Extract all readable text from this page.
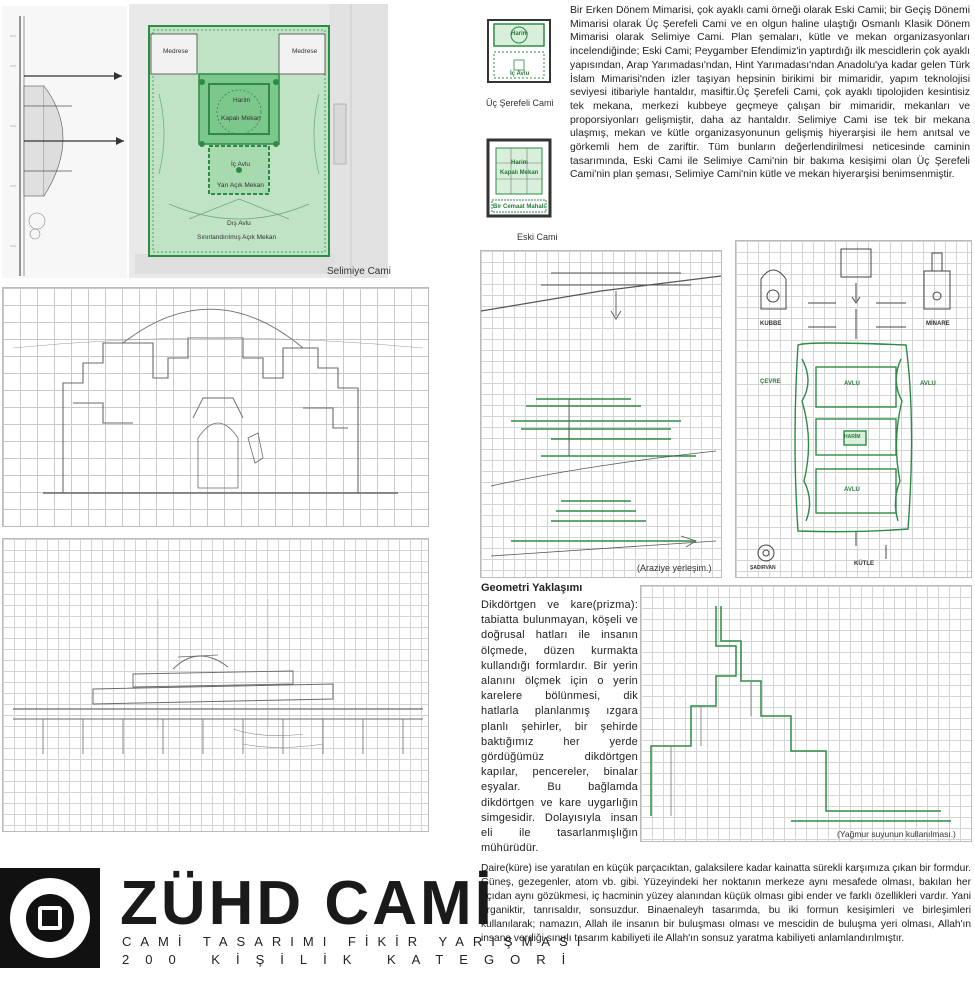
Medrese	Medrese
Harim
Kapalı Mekan
İç Avlu
Yarı Açık Mekan
Dış Avlu
Sınırlandırılmış Açık Mekan
Selimiye Cami
Harim
İç Avlu
Üç Şerefeli Cami
Harim
Kapalı Mekan
Bir Cemaat Mahali
Eski Cami

Bir Erken Dönem Mimarisi, çok ayaklı cami örneği olarak Eski Camii; bir Geçiş Dönemi Mimarisi olarak Üç Şerefeli Cami ve en olgun haline ulaştığı Osmanlı Klasik Dönem Mimarisi olarak Selimiye Cami. Plan şemaları, kütle ve mekan organizasyonları incelendiğinde; Eski Cami; Peygamber Efendimiz'in yaptırdığı ilk mescidlerin çok ayaklı yapısından, Arap Yarımadası'ndan, Hint Yarımadası'ndan Anadolu'ya kadar gelen Türk İslam Mimarisi'nden izler taşıyan hepsinin birikimi bir mimaridir, yapım teknolojisi seviyesi itibariyle hantaldır, masiftir.Üç Şerefeli Cami, çok ayaklı tipolojiden kesintisiz tek mekana, merkezi kubbeye geçmeye çalışan bir mimaridir, mekanları ve proporsiyonları gelişmiştir, daha az hantaldır. Selimiye Cami ise tek bir mekana ulaşmış, mekan ve kütle organizasyonunun gelişmiş hiyerarşisi ile hem anıtsal ve görkemli hem de zariftir. Tüm bunların değerlendirilmesi neticesinde caminin tasarımında, Eski Cami ile Selimiye Cami'nin bir bakıma kesişimi olan Üç Şerefeli Cami'nin plan şeması, Selimiye Cami'nin kütle ve mekan hiyerarşisi benimsenmiştir.

(Araziye yerleşim.)
KUBBE	MİNARE
ÇEVRE	AVLU	AVLU
HARİM
AVLU
ŞADIRVAN
KÜTLE
Geometri Yaklaşımı

Dikdörtgen ve kare(prizma): tabiatta bulunmayan, köşeli ve doğrusal hatları ile insanın ölçmede, düzen kurmakta kullandığı formlardır. Bir yerin alanını ölçmek için o yerin karelere bölünmesi, dik hatlarla planlanmış ızgara planlı şehirler, bir şehirde baktığımız her yerde gördüğümüz dikdörtgen kapılar, pencereler, binalar eşyalar. Bu bağlamda dikdörtgen ve kare uygarlığın simgesidir. Dolayısıyla insan eli ile tasarlanmışlığın mühürüdür.

(Yağmur suyunun kullanılması.)

Daire(küre) ise yaratılan en küçük parçacıktan, galaksilere kadar kainatta sürekli karşımıza çıkan bir formdur. Güneş, gezegenler, atom vb. gibi. Yüzeyindeki her noktanın merkeze aynı mesafede olması, bakılan her açıdan aynı gözükmesi, iç hacminin yüzey alanından küçük olması gibi ender ve farklı özellikleri vardır. Yani organiktir, tanrısaldır, sonsuzdur. Binaenaleyh tasarımda, bu iki formun kesişimleri ve birleşimleri kullanılarak; namazın, Allah ile insanın bir buluşması olması ve mescidin de buluşma yeri olması, Allah'ın insana verdiği sınırlı tasarım kabiliyeti ile Allah'ın sonsuz yaratma kabiliyeti anlamlandırılmıştır.

ZÜHD CAMİ
CAMİ TASARIMI FİKİR YARIŞMASI
200 KİŞİLİK KATEGORİ
